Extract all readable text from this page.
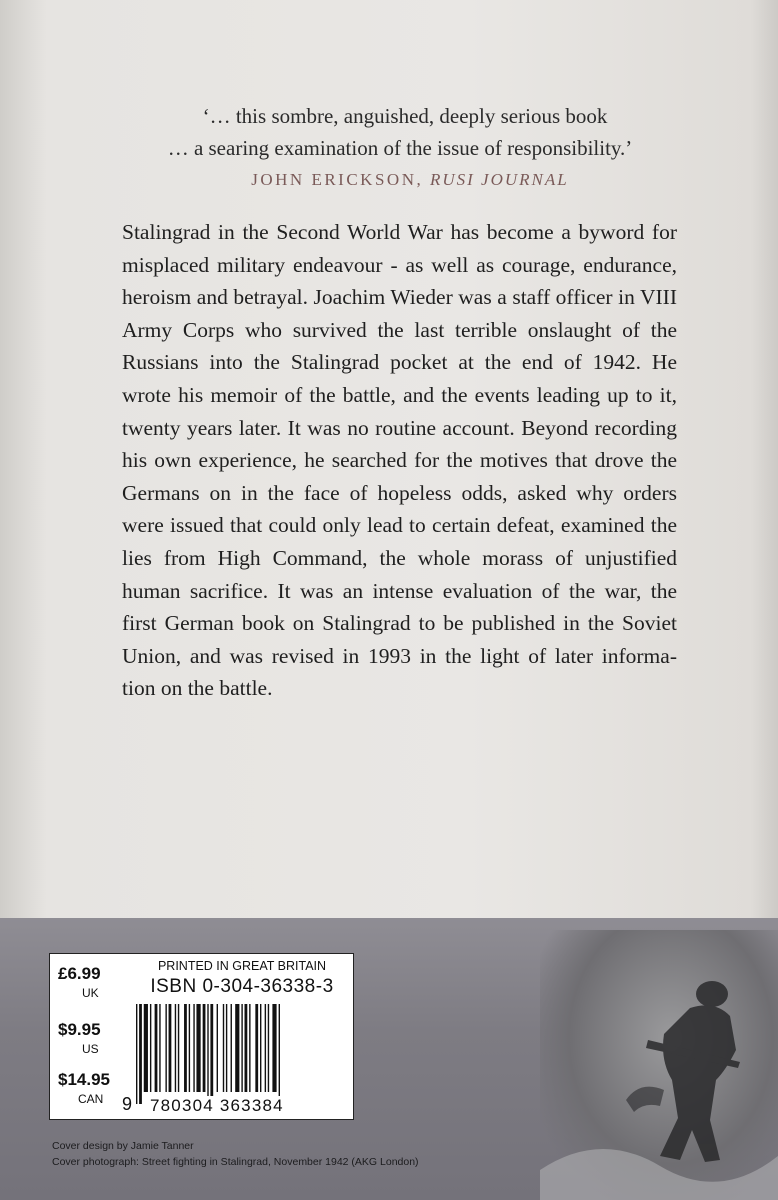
‘… this sombre, anguished, deeply serious book
… a searing examination of the issue of responsibility.’
JOHN ERICKSON, RUSI JOURNAL
Stalingrad in the Second World War has become a byword for
misplaced military endeavour - as well as courage, endurance,
heroism and betrayal. Joachim Wieder was a staff officer in VIII
Army Corps who survived the last terrible onslaught of the
Russians into the Stalingrad pocket at the end of 1942. He
wrote his memoir of the battle, and the events leading up to it,
twenty years later. It was no routine account. Beyond recording
his own experience, he searched for the motives that drove the
Germans on in the face of hopeless odds, asked why orders
were issued that could only lead to certain defeat, examined the
lies from High Command, the whole morass of unjustified
human sacrifice. It was an intense evaluation of the war, the
first German book on Stalingrad to be published in the Soviet
Union, and was revised in 1993 in the light of later informa-
tion on the battle.
£6.99
UK
$9.95
US
$14.95
CAN
PRINTED IN GREAT BRITAIN
ISBN 0-304-36338-3
9 780304 363384
Cover design by Jamie Tanner
Cover photograph: Street fighting in Stalingrad, November 1942 (AKG London)
